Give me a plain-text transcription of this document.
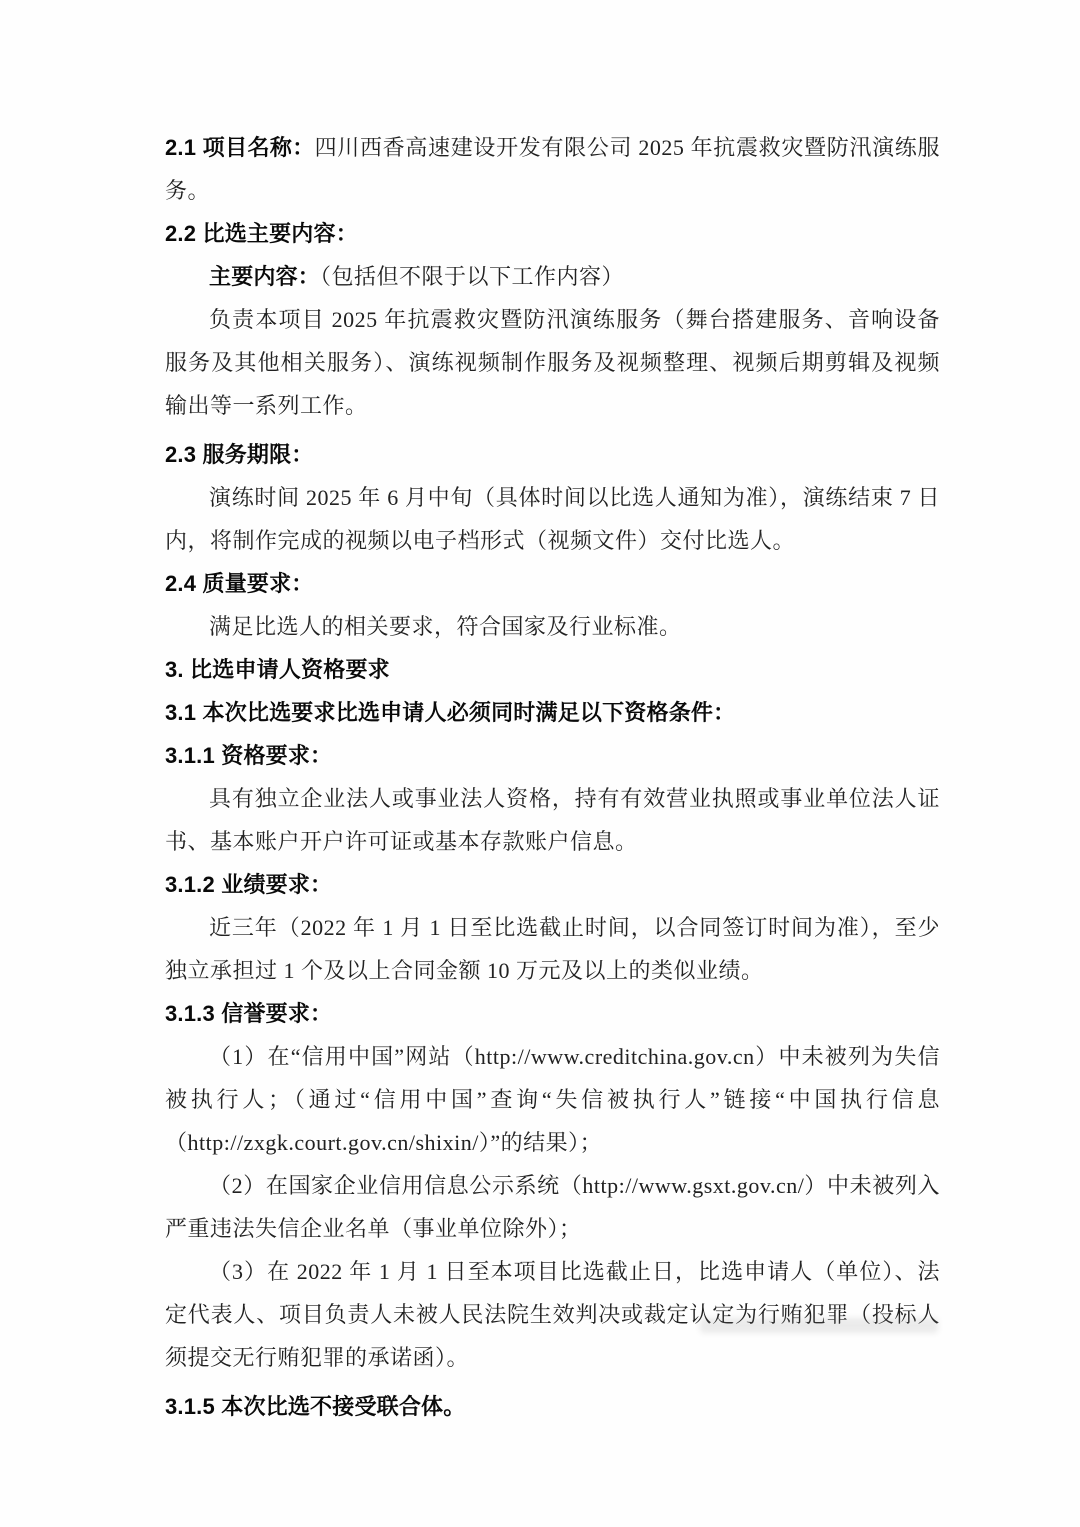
2.1 项目名称：四川西香高速建设开发有限公司 2025 年抗震救灾暨防汛演练服务。

2.2 比选主要内容：

主要内容：（包括但不限于以下工作内容）

负责本项目 2025 年抗震救灾暨防汛演练服务（舞台搭建服务、音响设备服务及其他相关服务）、演练视频制作服务及视频整理、视频后期剪辑及视频输出等一系列工作。

2.3 服务期限：

演练时间 2025 年 6 月中旬（具体时间以比选人通知为准），演练结束 7 日内，将制作完成的视频以电子档形式（视频文件）交付比选人。

2.4 质量要求：

满足比选人的相关要求，符合国家及行业标准。

3. 比选申请人资格要求

3.1 本次比选要求比选申请人必须同时满足以下资格条件：

3.1.1 资格要求：

具有独立企业法人或事业法人资格，持有有效营业执照或事业单位法人证书、基本账户开户许可证或基本存款账户信息。

3.1.2 业绩要求：

近三年（2022 年 1 月 1 日至比选截止时间，以合同签订时间为准），至少独立承担过 1 个及以上合同金额 10 万元及以上的类似业绩。

3.1.3 信誉要求：

（1）在“信用中国”网站（http://www.creditchina.gov.cn）中未被列为失信被执行人；（通过“信用中国”查询“失信被执行人”链接“中国执行信息（http://zxgk.court.gov.cn/shixin/）”的结果）；

（2）在国家企业信用信息公示系统（http://www.gsxt.gov.cn/）中未被列入严重违法失信企业名单（事业单位除外）；

（3）在 2022 年 1 月 1 日至本项目比选截止日，比选申请人（单位）、法定代表人、项目负责人未被人民法院生效判决或裁定认定为行贿犯罪（投标人须提交无行贿犯罪的承诺函）。

3.1.5 本次比选不接受联合体。
